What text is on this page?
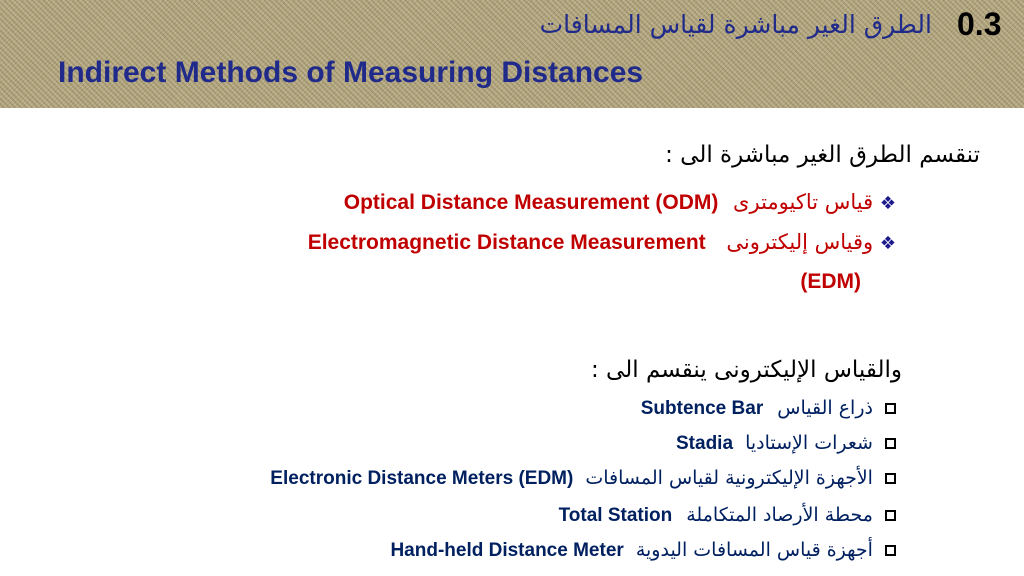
0.3
الطرق الغير مباشرة لقياس المسافات
Indirect Methods of Measuring Distances
تنقسم الطرق الغير مباشرة الى :
Optical Distance Measurement (ODM) قياس تاكيومترى ❖
Electromagnetic Distance Measurement وقياس إليكترونى ❖
(EDM)
والقياس الإليكترونى ينقسم الى :
Subtence Bar ذراع القياس
Stadia شعرات الإستاديا
Electronic Distance Meters (EDM) الأجهزة الإليكترونية لقياس المسافات
Total Station محطة الأرصاد المتكاملة
Hand-held Distance Meter أجهزة قياس المسافات اليدوية
